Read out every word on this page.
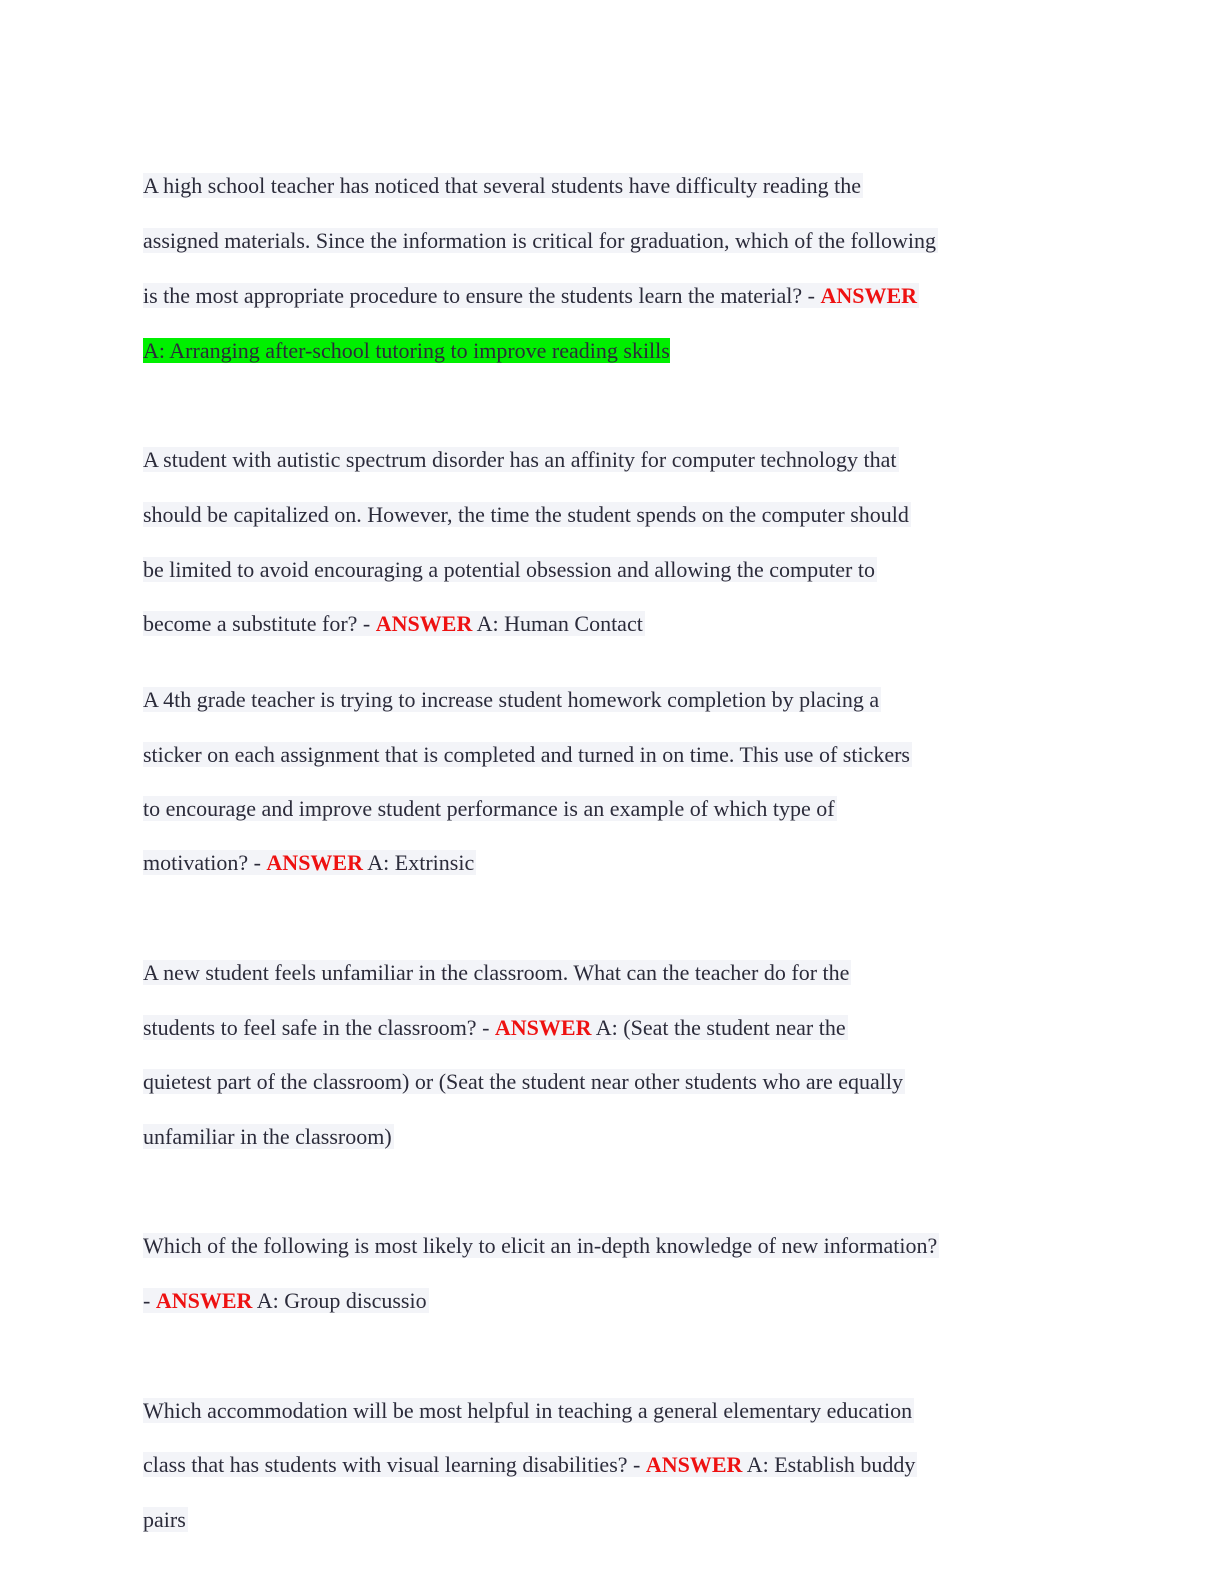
A high school teacher has noticed that several students have difficulty reading the
assigned materials. Since the information is critical for graduation, which of the following
is the most appropriate procedure to ensure the students learn the material? - ANSWER
A: Arranging after-school tutoring to improve reading skills
A student with autistic spectrum disorder has an affinity for computer technology that
should be capitalized on. However, the time the student spends on the computer should
be limited to avoid encouraging a potential obsession and allowing the computer to
become a substitute for? - ANSWER A: Human Contact
A 4th grade teacher is trying to increase student homework completion by placing a
sticker on each assignment that is completed and turned in on time. This use of stickers
to encourage and improve student performance is an example of which type of
motivation? - ANSWER A: Extrinsic
A new student feels unfamiliar in the classroom. What can the teacher do for the
students to feel safe in the classroom? - ANSWER A: (Seat the student near the
quietest part of the classroom) or (Seat the student near other students who are equally
unfamiliar in the classroom)
Which of the following is most likely to elicit an in-depth knowledge of new information?
- ANSWER A: Group discussio
Which accommodation will be most helpful in teaching a general elementary education
class that has students with visual learning disabilities? - ANSWER A: Establish buddy
pairs
